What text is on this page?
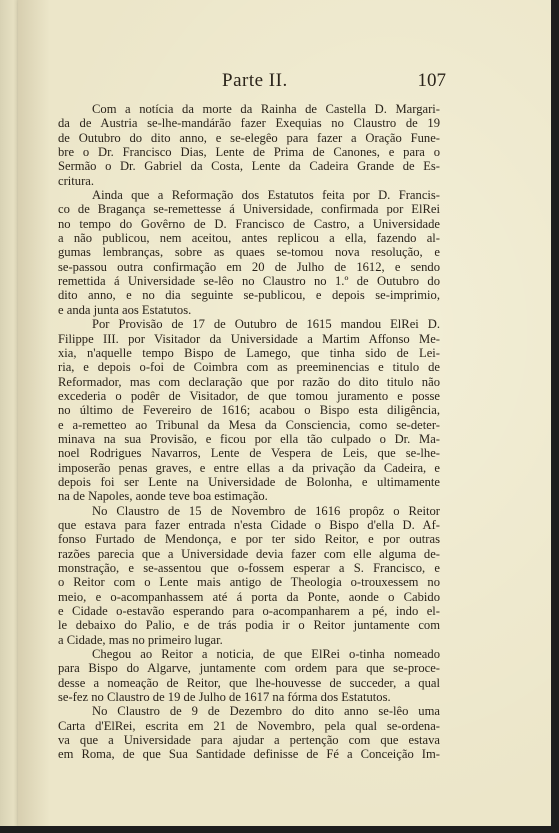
Parte II.	107
Com a notícia da morte da Rainha de Castella D. Margari-
da de Austria se-lhe-mandárão fazer Exequias no Claustro de 19
de Outubro do dito anno, e se-elegêo para fazer a Oração Fune-
bre o Dr. Francisco Dias, Lente de Prima de Canones, e para o
Sermão o Dr. Gabriel da Costa, Lente da Cadeira Grande de Es-
critura.
Ainda que a Reformação dos Estatutos feita por D. Francis-
co de Bragança se-remettesse á Universidade, confirmada por ElRei
no tempo do Govêrno de D. Francisco de Castro, a Universidade
a não publicou, nem aceitou, antes replicou a ella, fazendo al-
gumas lembranças, sobre as quaes se-tomou nova resolução, e
se-passou outra confirmação em 20 de Julho de 1612, e sendo
remettida á Universidade se-lêo no Claustro no 1.º de Outubro do
dito anno, e no dia seguinte se-publicou, e depois se-imprimio,
e anda junta aos Estatutos.
Por Provisão de 17 de Outubro de 1615 mandou ElRei D.
Filippe III. por Visitador da Universidade a Martim Affonso Me-
xia, n'aquelle tempo Bispo de Lamego, que tinha sido de Lei-
ria, e depois o-foi de Coimbra com as preeminencias e titulo de
Reformador, mas com declaração que por razão do dito titulo não
excederia o podêr de Visitador, de que tomou juramento e posse
no último de Fevereiro de 1616; acabou o Bispo esta diligência,
e a-remetteo ao Tribunal da Mesa da Consciencia, como se-deter-
minava na sua Provisão, e ficou por ella tão culpado o Dr. Ma-
noel Rodrigues Navarros, Lente de Vespera de Leis, que se-lhe-
imposerão penas graves, e entre ellas a da privação da Cadeira, e
depois foi ser Lente na Universidade de Bolonha, e ultimamente
na de Napoles, aonde teve boa estimação.
No Claustro de 15 de Novembro de 1616 propôz o Reitor
que estava para fazer entrada n'esta Cidade o Bispo d'ella D. Af-
fonso Furtado de Mendonça, e por ter sido Reitor, e por outras
razões parecia que a Universidade devia fazer com elle alguma de-
monstração, e se-assentou que o-fossem esperar a S. Francisco, e
o Reitor com o Lente mais antigo de Theologia o-trouxessem no
meio, e o-acompanhassem até á porta da Ponte, aonde o Cabido
e Cidade o-estavão esperando para o-acompanharem a pé, indo el-
le debaixo do Palio, e de trás podia ir o Reitor juntamente com
a Cidade, mas no primeiro lugar.
Chegou ao Reitor a noticia, de que ElRei o-tinha nomeado
para Bispo do Algarve, juntamente com ordem para que se-proce-
desse a nomeação de Reitor, que lhe-houvesse de succeder, a qual
se-fez no Claustro de 19 de Julho de 1617 na fórma dos Estatutos.
No Claustro de 9 de Dezembro do dito anno se-lêo uma
Carta d'ElRei, escrita em 21 de Novembro, pela qual se-ordena-
va que a Universidade para ajudar a pertenção com que estava
em Roma, de que Sua Santidade definisse de Fé a Conceição Im-
